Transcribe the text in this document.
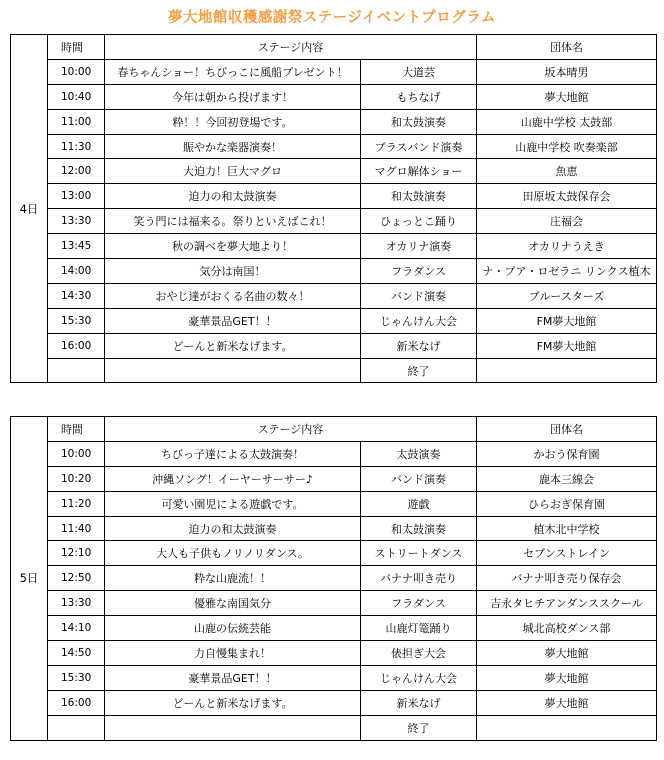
夢大地館収穫感謝祭ステージイベントプログラム
4日	時間	ステージ内容		団体名
	10:00	春ちゃんショー！ちびっこに風船プレゼント！	大道芸	坂本晴男
	10:40	今年は朝から投げます！	もちなげ	夢大地館
	11:00	粋！！今回初登場です。	和太鼓演奏	山鹿中学校 太鼓部
	11:30	賑やかな楽器演奏！	ブラスバンド演奏	山鹿中学校 吹奏楽部
	12:00	大迫力！巨大マグロ	マグロ解体ショー	魚恵
	13:00	迫力の和太鼓演奏	和太鼓演奏	田原坂太鼓保存会
	13:30	笑う門には福来る。祭りといえばこれ！	ひょっとこ踊り	庄福会
	13:45	秋の調べを夢大地より！	オカリナ演奏	オカリナうえき
	14:00	気分は南国！	フラダンス	ナ・プア・ロゼラニ リンクス植木
	14:30	おやじ達がおくる名曲の数々！	バンド演奏	ブルースターズ
	15:30	豪華景品GET！！	じゃんけん大会	FM夢大地館
	16:00	どーんと新米なげます。	新米なげ	FM夢大地館
			終了	
5日	時間	ステージ内容		団体名
	10:00	ちびっ子達による太鼓演奏！	太鼓演奏	かおう保育園
	10:20	沖縄ソング！イーヤーサーサー♪	バンド演奏	鹿本三線会
	11:20	可愛い園児による遊戯です。	遊戯	ひらおぎ保育園
	11:40	迫力の和太鼓演奏	和太鼓演奏	植木北中学校
	12:10	大人も子供もノリノリダンス。	ストリートダンス	セブンストレイン
	12:50	粋な山鹿流！！	バナナ叩き売り	バナナ叩き売り保存会
	13:30	優雅な南国気分	フラダンス	吉永タヒチアンダンススクール
	14:10	山鹿の伝統芸能	山鹿灯篭踊り	城北高校ダンス部
	14:50	力自慢集まれ！	俵担ぎ大会	夢大地館
	15:30	豪華景品GET！！	じゃんけん大会	夢大地館
	16:00	どーんと新米なげます。	新米なげ	夢大地館
			終了	
